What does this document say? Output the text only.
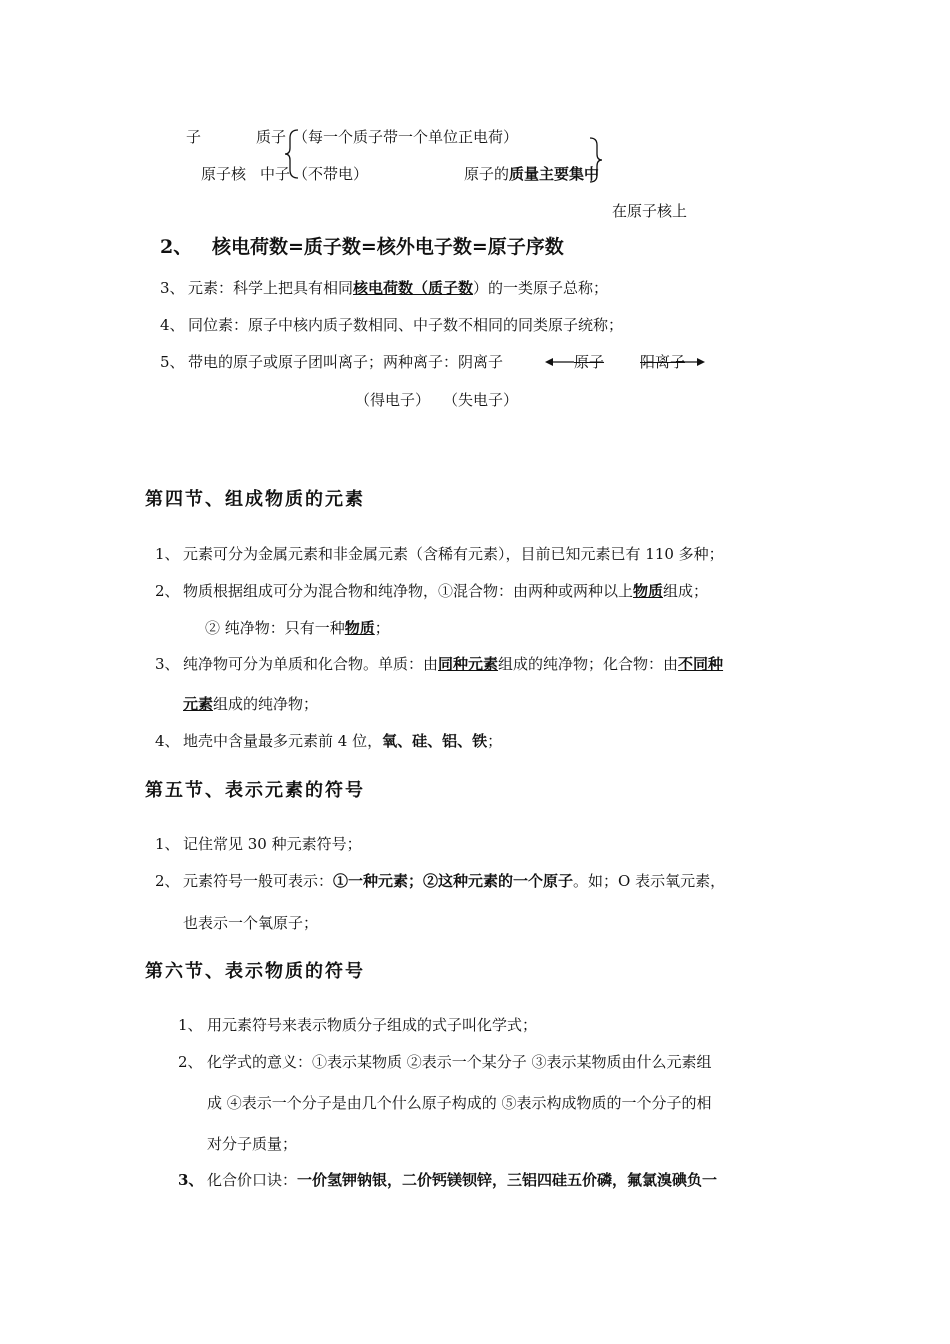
子	质子 （每一个质子带一个单位正电荷）
原子核 中子 （不带电）	原子的质量主要集中
在原子核上
2、 核电荷数=质子数=核外电子数=原子序数
3、 元素：科学上把具有相同核电荷数（质子数）的一类原子总称；
4、 同位素：原子中核内质子数相同、中子数不相同的同类原子统称；
5、 带电的原子或原子团叫离子；两种离子：阴离子	原子 阳离子
（得电子） （失电子）
第四节、组成物质的元素
1、 元素可分为金属元素和非金属元素（含稀有元素），目前已知元素已有 110 多种；
2、 物质根据组成可分为混合物和纯净物，①混合物：由两种或两种以上物质组成；
② 纯净物：只有一种物质；
3、 纯净物可分为单质和化合物。单质：由同种元素组成的纯净物；化合物：由不同种
元素组成的纯净物；
4、 地壳中含量最多元素前 4 位，氧、硅、铝、铁；
第五节、表示元素的符号
1、 记住常见 30 种元素符号；
2、 元素符号一般可表示：①一种元素；②这种元素的一个原子。如；O 表示氧元素，
也表示一个氧原子；
第六节、表示物质的符号
1、 用元素符号来表示物质分子组成的式子叫化学式；
2、 化学式的意义：①表示某物质 ②表示一个某分子 ③表示某物质由什么元素组
成 ④表示一个分子是由几个什么原子构成的 ⑤表示构成物质的一个分子的相
对分子质量；
3、 化合价口诀：一价氢钾钠银，二价钙镁钡锌，三铝四硅五价磷，氟氯溴碘负一
